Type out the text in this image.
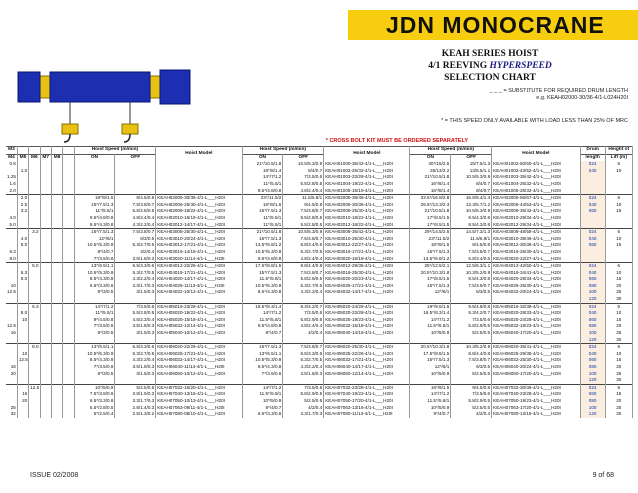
JDN MONOCRANE
KEAH SERIES HOIST
4/1 REEVING HYPERSPEED
SELECTION CHART
_ _ _ = SUBSTITUTE FOR REQUIRED DRUM LENGTH
e.g. KEAH02000-30/36-4/1-L024H20I
* = THIS SPEED ONLY AVAILABLE WITH LOAD LESS THAN 25% OF MRC
* CROSS BOLT KIT MUST BE ORDERED SEPARATELY
M3						Hoist Speed (m/min)		Hoist Model	Hoist Speed (m/min)		Hoist Model	Hoist Speed (m/min)		Hoist Model	Drum	Height of
M4	M5	M6	M7	M8		ON	OFF		ON	OFF		ON	OFF		length	Lift (m)
0.8									21*/10.5/1.8	10.5/5.3/0.9	KEAH01000-35/42-4/1-L___H20I	30*/15/2.5	15/7.5/1.3	KEAH01002-50/60-4/1-L___H20I	024	6
	1.0								16*/8/1.4	8/4/0.7	KEAH01002-26/32-4/1-L___H20I	26/13/2.2	13/6.5/1.1	KEAH01002-43/52-4/1-L___H20I	040	10
1.25									14*/7/1.2	7/3.5/0.6	KEAH01003-23/28-4/1-L___H20I	21*/10.5/1.8	10.5/5.3/0.9	KEAH01003-35/42-4/1-L___H20I		
1.6									11*/5.5/1	5.5/2.8/0.5	KEAH01004-19/22-4/1-L___H20I	16*/8/1.4	8/4/0.7	KEAH01004-26/32-4/1-L___H20I		
2.0									9.5*/4.8/0.8	4.8/2.4/0.4	KEAH01005-16/19-4/1-L___H20I	16*/8/1.4	8/4/0.7	KEAH01005-26/32-4/1-L___H20I		
	2.0					18*/9/1.5	9/4.5/0.8	KEAH02005-30/36-4/1-L___H20I	23*/11.5/2	11.5/5.8/1	KEAH02005-38/46-4/1-L___H20I	33.5*/16.8/2.8	16.8/8.4/1.4	KEAH02005-56/67-4/1-L___H20I	024	6
	2.5					15*/7.5/1.3	7.5/3.8/0.7	KEAH02006-25/30-4/1-L___H20I	16*/8/1.5	9/4.5/0.8	KEAH02006-30/36-4/1-L___H20I	26.5*/13.3/2.3	13.3/6.7/1.2	KEAH02006-44/53-4/1-L___H20I	040	10
	3.2					11*/5.5/1	5.5/2.8/0.5	KEAH02008-18/22-4/1-L___H20I	15*/7.5/1.3	7.5/3.8/0.7	KEAH02008-25/30-4/1-L___H20I	21*/10.5/1.8	10.5/5.3/0.9	KEAH02008-35/42-4/1-L___H20I	060	15
4.0						9.5*/4.8/0.8	4.8/2.4/0.4	KEAH02010-16/19-4/1-L___H20I	11*/5.5/1	5.5/2.8/0.5	KEAH02010-18/22-4/1-L___H20I	17*/8.5/1.5	8.5/4.3/0.8	KEAH02010-29/34-4/1-L___H20I		
5.0						8.5*/4.3/0.8	4.3/2.2/0.4	KEAH02012-14/17-4/1-L___H20I	11*/5.5/1	5.5/2.8/0.5	KEAH02012-18/22-4/1-L___H20I	17*/8.5/1.5	8.5/4.3/0.8	KEAH02012-29/34-4/1-L___H20I		
		3.2				15*/7.5/1.3	7.5/3.8/0.7	KEAH03008-25/30-4/1-L___H20I	21*/10.5/1.8	10.5/5.3/0.9	KEAH03008-35/42-4/1-L___H20I	29*/14.5/2.5	14.5/7.3/1.3	KEAH03008-48/58-4/1-L___H20I	024	6
	4.0					12*/6/1	6/3/0.5	KEAH03010-20/24-4/1-L___H20I	15*/7.5/1.3	7.5/3.8/0.7	KEAH03010-25/30-4/1-L___H20I	23*/11.5/2	11.5/5.8/1	KEAH03010-38/46-4/1-L___H20I	040	10
	5.0					10.5*/5.3/0.9	5.3/2.7/0.5	KEAH03012-17/21-4/1-L___H20I	13.5*/6.8/1.2	6.8/3.4/0.6	KEAH03012-22/27-4/1-L___H20I	18*/9/1.5	9/4.5/0.8	KEAH03012-30/36-4/1-L___H20I	060	15
6.3						8*/4/0.7	4/2/0.4	KEAH03016-14/16-4/1-L___H20I	10.5*/5.3/0.9	5.3/2.7/0.5	KEAH03016-17/21-4/1-L___H20I	15*/7.5/1.3	7.5/3.8/0.7	KEAH03016-25/30-4/1-L___H20I		
8.0						7*/3.5/0.6	3.5/1.8/0.3	KEAH03020-11/14-4/1-L___H20I	9.5*/4.8/0.8	4.8/2.4/0.4	KEAH03020-16/19-4/1-L___H20I	13.5*/6.8/1.2	6.8/3.4/0.6	KEAH03020-22/27-4/1-L___H20I		
		5.0				13*/6.5/1.1	6.5/3.3/0.6	KEAH04012-22/26-4/1-L___H20I	17.5*/8.8/1.5	8.8/4.4/0.8	KEAH04012-29/35-4/1-L___H20I	25*/12.5/2.1	12.5/6.3/1.1	KEAH04012-42/50-4/1-L___H20I	024	6
	6.3					10.5*/5.3/0.9	5.3/2.7/0.5	KEAH04016-17/21-4/1-L___H20I	15*/7.5/1.3	7.5/3.8/0.7	KEAH04016-25/30-4/1-L___H20I	20.5*/10.3/1.8	10.3/5.2/0.9	KEAH04016-34/41-4/1-L___H20I	040	10
	8.0					8.5*/4.3/0.8	4.3/2.2/0.4	KEAH04020-14/17-4/1-L___H20I	11.5*/5.8/1	5.8/2.9/0.5	KEAH04020-20/23-4/1-L___H20I	17*/8.5/1.5	8.5/4.3/0.8	KEAH04020-28/34-4/1-L___H20I	060	15
10						6.5*/3.3/0.6	3.3/1.7/0.3	KEAH04025-11/13-4/1-L___H20I	10.5*/5.3/0.9	5.3/2.7/0.5	KEAH04025-17/21-4/1-L___H20I	15*/7.5/1.3	7.5/3.8/0.7	KEAH04025-25/30-4/1-L___H20I	080	20
12.5						6*/3/0.5	3/1.5/0.3	KEAH04032-10/12-4/1-L___H20I	8.5*/4.3/0.8	4.3/2.2/0.4	KEAH04032-14/17-4/1-L___H20I	12*/6/1	6/3/0.5	KEAH04032-20/24-4/1-L___H20I	100	25
															120	30
		6.3				14*/7/1.2	7/3.5/0.6	KEAH05016-23/28-4/1-L___H20I	16.5*/8.3/1.4	8.3/4.2/0.7	KEAH05020-24/28-4/1-L___H20I	19*/9.5/1.6	9.5/4.8/0.8	KEAH05016-32/38-4/1-L___H20I	024	6
	8.0					11*/5.5/1	5.5/2.8/0.5	KEAH05020-19/22-4/1-L___H20I	14*/7/1.2	7/3.5/0.6	KEAH05020-23/28-4/1-L___H20I	16.5*/8.3/1.4	8.3/4.2/0.7	KEAH05020-28/33-4/1-L___H20I	040	10
	10					9*/4.5/0.8	4.5/2.3/0.4	KEAH05025-15/18-4/1-L___H20I	11.5*/5.8/1	5.8/2.9/0.5	KEAH05025-19/23-4/1-L___H20I	14*/7/1.2	7/3.5/0.6	KEAH05025-24/28-4/1-L___H20I	060	15
12.5						7*/3.5/0.6	3.5/1.8/0.3	KEAH05032-12/14-4/1-L___H20I	9.5*/4.8/0.8	4.8/2.4/0.4	KEAH05032-15/18-4/1-L___H20I	11.5*/5.8/1	5.8/2.9/0.5	KEAH05032-19/23-4/1-L___H20I	080	20
16						6*/3/0.5	3/1.5/0.3	KEAH05040-10/12-4/1-L___H20I	8*/4/0.7	4/2/0.4	KEAH05040-14/16-4/1-L___H20I	10*/5/0.9	5/2.5/0.5	KEAH05040-17/20-4/1-L___H20I	100	25
															120	30
		8.0				13*/6.5/1.1	6.5/3.3/0.6	KEAH06020-22/26-4/1-L___H20I	15*/7.5/1.3	7.5/3.8/0.7	KEAH06020-25/30-4/1-L___H20I	20.5*/10.3/1.8	10.3/5.2/0.9	KEAH06020-35/41-4/1-L___H20I	024	6
	10					10.5*/5.3/0.9	5.3/2.7/0.5	KEAH06025-17/21-4/1-L___H20I	13*/6.5/1.1	6.5/3.3/0.6	KEAH06025-22/26-4/1-L___H20I	17.5*/8.8/1.5	8.8/4.4/0.8	KEAH06025-29/35-4/1-L___H20I	040	10
	12.5					8.5*/4.3/0.8	4.3/2.2/0.4	KEAH06032-14/17-4/1-L___H20I	10.5*/5.3/0.9	5.3/2.7/0.5	KEAH06032-17/21-4/1-L___H20I	15*/7.5/1.3	7.5/3.8/0.7	KEAH06032-25/30-4/1-L___H20I	060	15
16						7*/3.5/0.6	3.5/1.8/0.3	KEAH06040-11/14-4/1-L___H20I	8.5*/4.3/0.8	4.3/2.2/0.4	KEAH06040-14/17-4/1-L___H20I	12*/6/1	6/3/0.5	KEAH06040-20/24-4/1-L___H20I	080	20
20						6*/3/0.5	3/1.5/0.3	KEAH06050-10/12-4/1-L___H20I	7*/3.5/0.6	3.5/1.8/0.3	KEAH06050-12/14-4/1-L___H20I	10*/5/0.9	5/2.5/0.5	KEAH06050-17/20-4/1-L___H20I	100	25
															120	30
		12.5				10*/5/0.9	5/2.5/0.5	KEAH07032-16/20-4/1-L___H20I	14*/7/1.2	7/3.5/0.6	KEAH07032-23/28-4/1-L___H20I	18*/9/1.5	9/4.5/0.8	KEAH07032-30/36-4/1-L___H20I	024	6
	16					7.5*/3.8/0.6	3.8/1.9/0.3	KEAH07040-13/15-4/1-L___H20I	11.5*/5.8/1	5.8/2.9/0.5	KEAH07040-19/22-4/1-L___H20I	14*/7/1.2	7/3.5/0.6	KEAH07040-23/28-4/1-L___H20I	060	15
	20					6.5*/3.3/0.6	3.3/1.7/0.3	KEAH07050-10/13-4/1-L___H20I	10*/5/0.9	5/2.5/0.5	KEAH07050-17/20-4/1-L___H20I	11.5*/5.8/1	5.8/2.9/0.5	KEAH07050-19/23-4/1-L___H20I	080	20
25						5.5*/2.8/0.5	2.8/1.4/0.3	KEAH07063-09/11-4/1-L___H20I	8*/4/0.7	4/2/0.4	KEAH07063-13/16-4/1-L___H20I	10*/5/0.9	5/2.5/0.5	KEAH07063-17/20-4/1-L___H20I	100	25
32						5*/2.5/0.4	2.5/1.3/0.2	KEAH07080-08/10-4/1-L___H20I	6.5*/3.3/0.6	3.3/1.7/0.3	KEAH07080-11/13-4/1-L___H20I	8*/4/0.7	4/2/0.4	KEAH07080-13/16-4/1-L___H20I	120	30
ISSUE 02/2008	9 of 68
